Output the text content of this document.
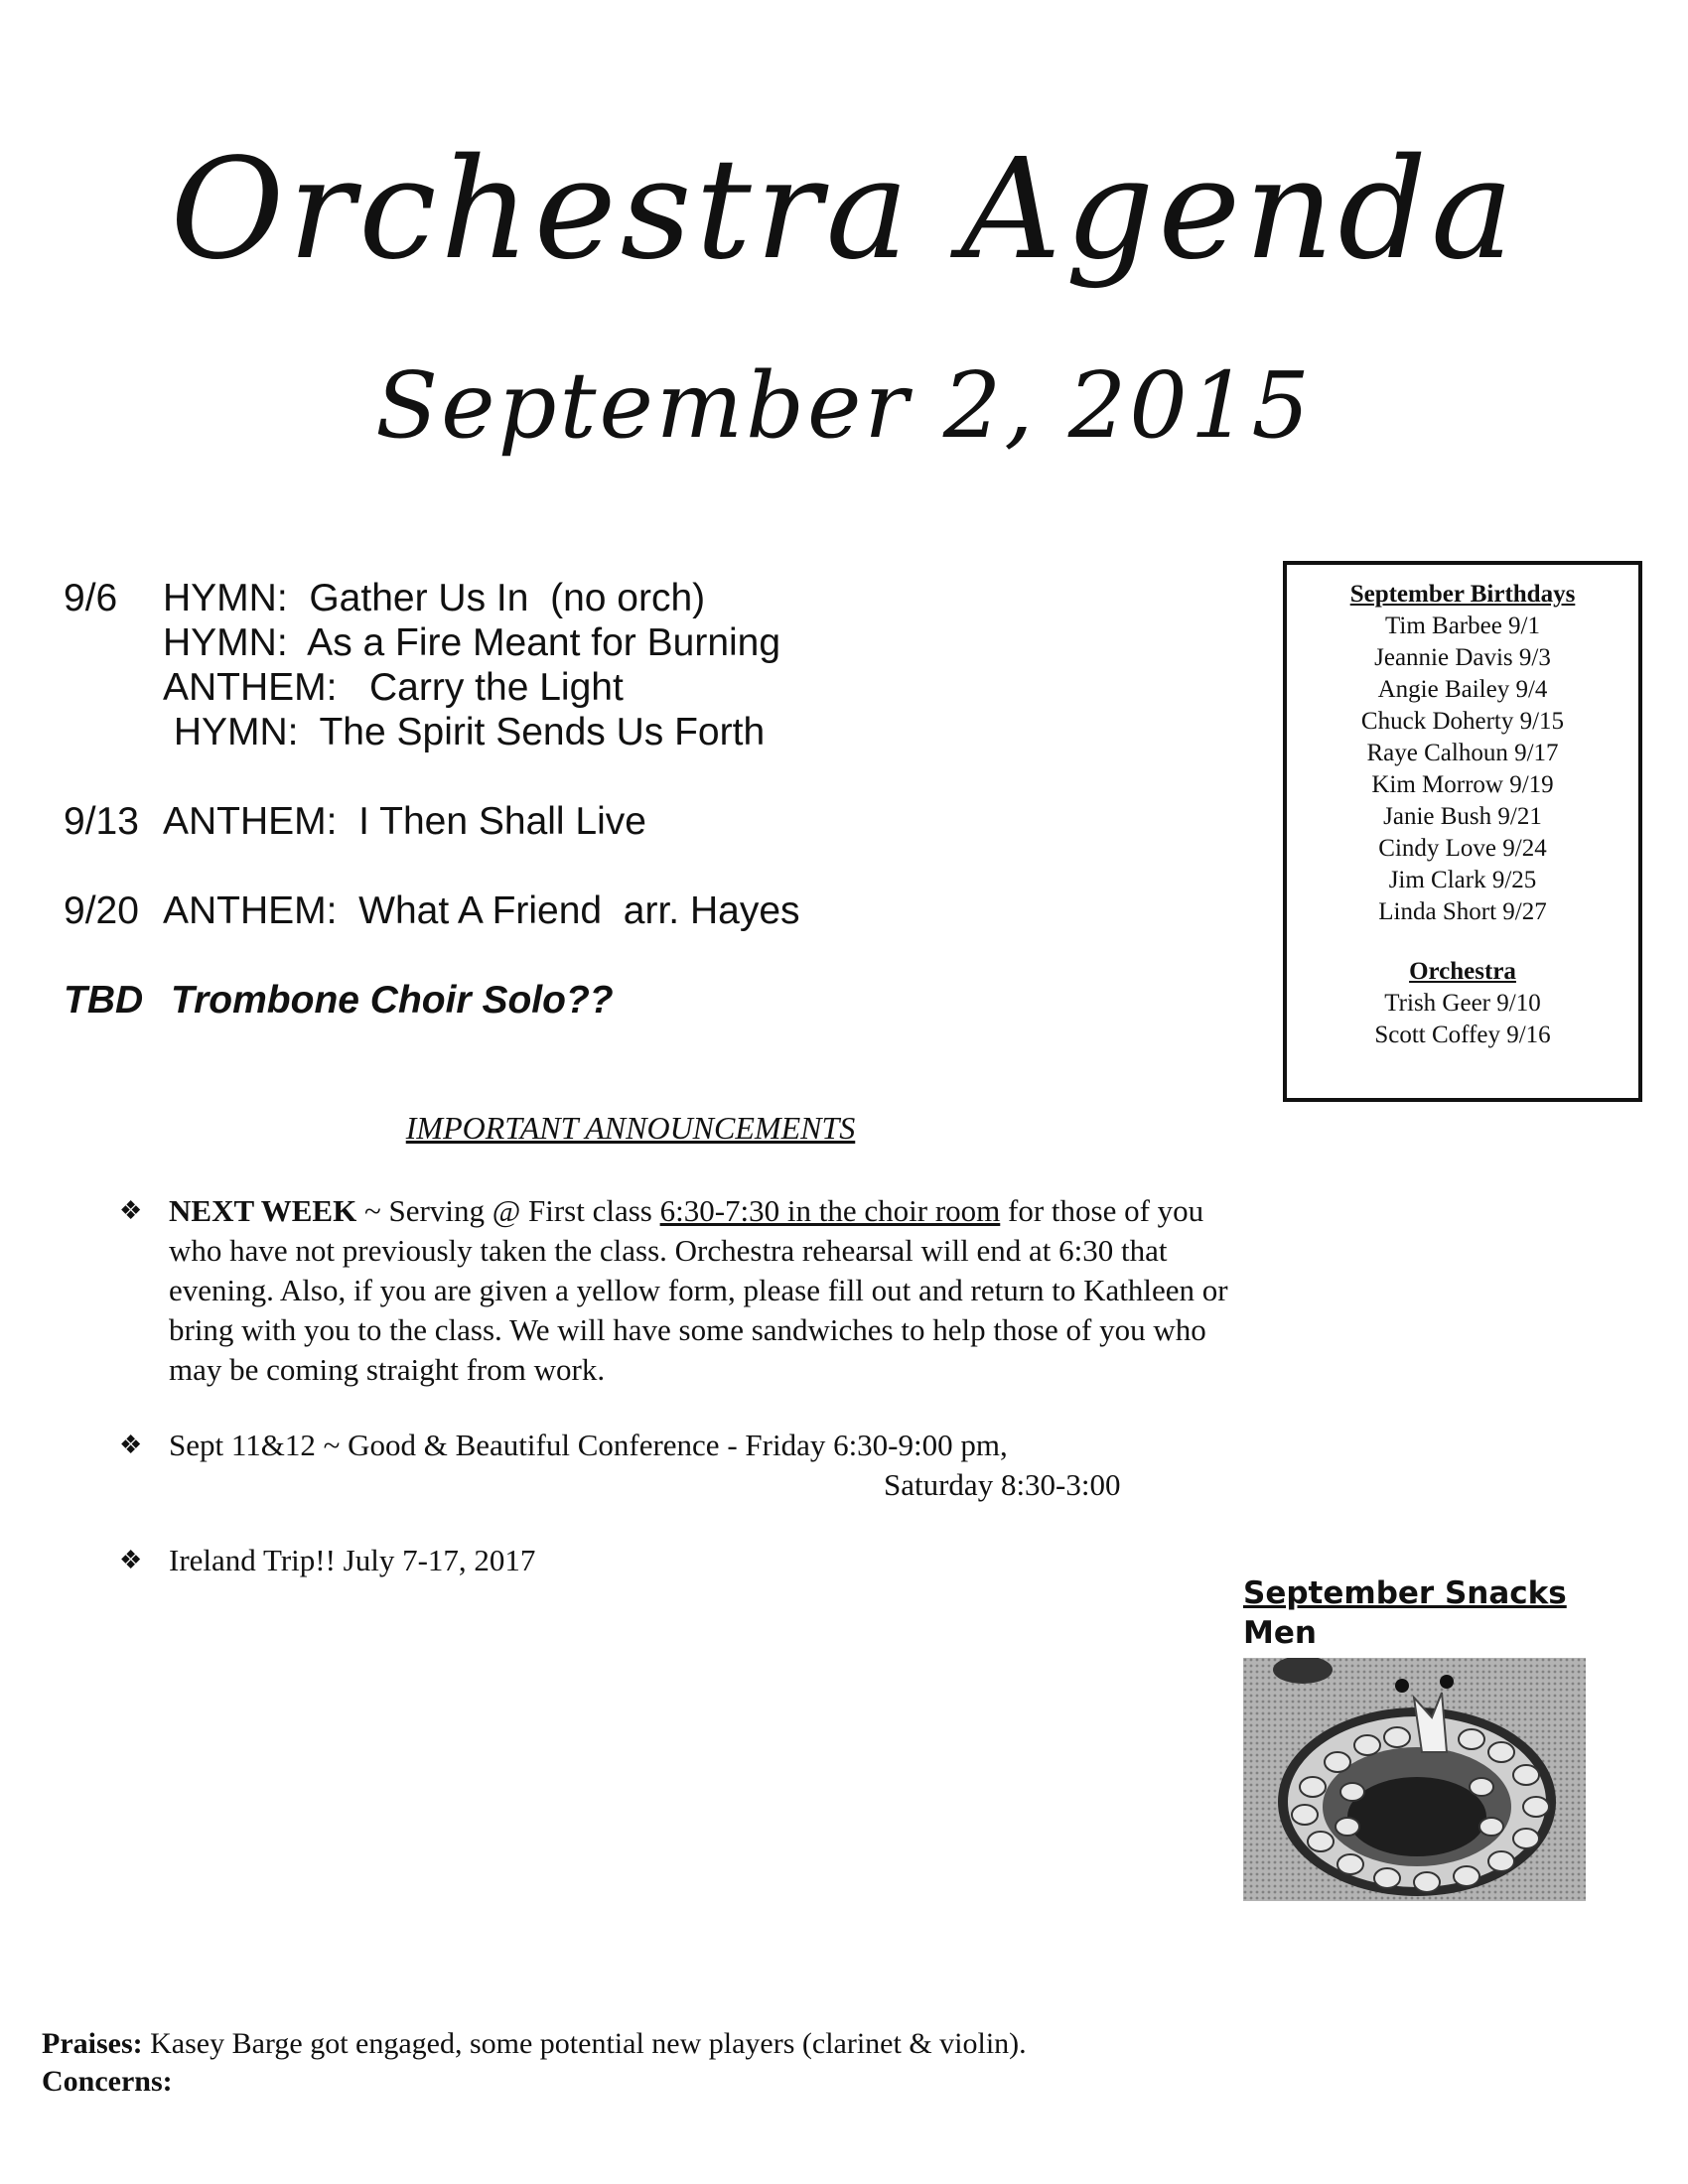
Orchestra Agenda
September 2, 2015
9/6	HYMN:  Gather Us In  (no orch)
HYMN:  As a Fire Meant for Burning
ANTHEM:   Carry the Light
HYMN:  The Spirit Sends Us Forth
9/13 ANTHEM:  I Then Shall Live
9/20 ANTHEM:  What A Friend  arr. Hayes
TBD Trombone Choir Solo??
September Birthdays
Tim Barbee 9/1
Jeannie Davis 9/3
Angie Bailey 9/4
Chuck Doherty 9/15
Raye Calhoun 9/17
Kim Morrow 9/19
Janie Bush 9/21
Cindy Love 9/24
Jim Clark 9/25
Linda Short 9/27
Orchestra
Trish Geer 9/10
Scott Coffey 9/16
IMPORTANT ANNOUNCEMENTS
❖ NEXT WEEK ~ Serving @ First class 6:30-7:30 in the choir room for those of you who have not previously taken the class. Orchestra rehearsal will end at 6:30 that evening. Also, if you are given a yellow form, please fill out and return to Kathleen or bring with you to the class. We will have some sandwiches to help those of you who may be coming straight from work.
❖ Sept 11&12 ~ Good & Beautiful Conference - Friday 6:30-9:00 pm,
Saturday 8:30-3:00
❖ Ireland Trip!! July 7-17, 2017
September Snacks
Men
Praises: Kasey Barge got engaged, some potential new players (clarinet & violin).
Concerns:
